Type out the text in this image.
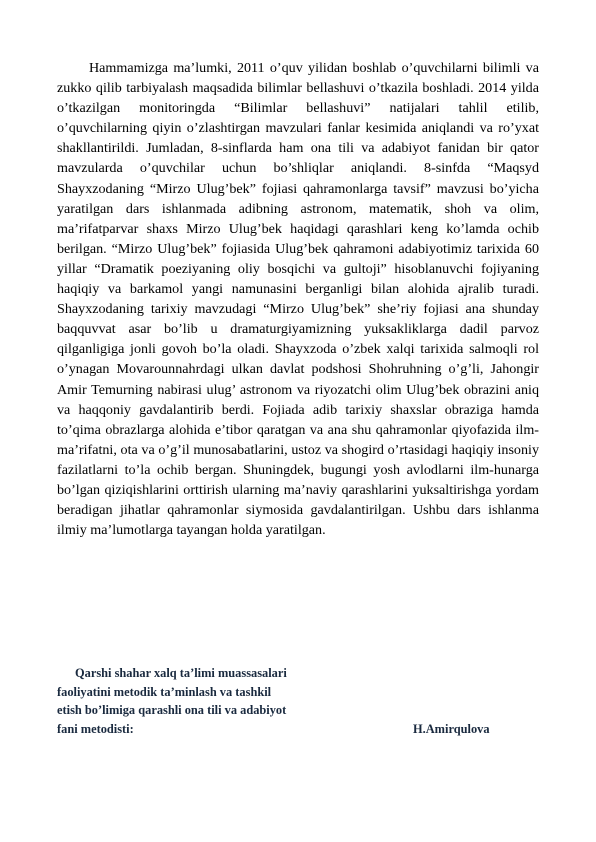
Hammamizga ma’lumki, 2011 o’quv yilidan boshlab o’quvchilarni bilimli va zukko qilib tarbiyalash maqsadida bilimlar bellashuvi o’tkazila boshladi. 2014 yilda o’tkazilgan monitoringda “Bilimlar bellashuvi” natijalari tahlil etilib, o’quvchilarning qiyin o’zlashtirgan mavzulari fanlar kesimida aniqlandi va ro’yxat shakllantirildi. Jumladan, 8-sinflarda ham ona tili va adabiyot fanidan bir qator mavzularda o’quvchilar uchun bo’shliqlar aniqlandi. 8-sinfda “Maqsyd Shayxzodaning “Mirzo Ulug’bek” fojiasi qahramonlarga tavsif” mavzusi bo’yicha yaratilgan dars ishlanmada adibning astronom, matematik, shoh va olim, ma’rifatparvar shaxs Mirzo Ulug’bek haqidagi qarashlari keng ko’lamda ochib berilgan. “Mirzo Ulug’bek” fojiasida Ulug’bek qahramoni adabiyotimiz tarixida 60 yillar “Dramatik poeziyaning oliy bosqichi va gultoji” hisoblanuvchi fojiyaning haqiqiy va barkamol yangi namunasini berganligi bilan alohida ajralib turadi. Shayxzodaning tarixiy mavzudagi “Mirzo Ulug’bek” she’riy fojiasi ana shunday baqquvvat asar bo’lib u dramaturgiyamizning yuksakliklarga dadil parvoz qilganligiga jonli govoh bo’la oladi. Shayxzoda o’zbek xalqi tarixida salmoqli rol o’ynagan Movarounnahrdagi ulkan davlat podshosi Shohruhning o’g’li, Jahongir Amir Temurning nabirasi ulug’ astronom va riyozatchi olim Ulug’bek obrazini aniq va haqqoniy gavdalantirib berdi. Fojiada adib tarixiy shaxslar obraziga hamda to’qima obrazlarga alohida e’tibor qaratgan va ana shu qahramonlar qiyofazida ilm-ma’rifatni, ota va o’g’il munosabatlarini, ustoz va shogird o’rtasidagi haqiqiy insoniy fazilatlarni to’la ochib bergan. Shuningdek, bugungi yosh avlodlarni ilm-hunarga bo’lgan qiziqishlarini orttirish ularning ma’naviy qarashlarini yuksaltirishga yordam beradigan jihatlar qahramonlar siymosida gavdalantirilgan. Ushbu dars ishlanma ilmiy ma’lumotlarga tayangan holda yaratilgan.

Qarshi shahar xalq ta’limi muassasalari
faoliyatini metodik ta’minlash va tashkil
etish bo’limiga qarashli ona tili va adabiyot
fani metodisti:	H.Amirqulova
